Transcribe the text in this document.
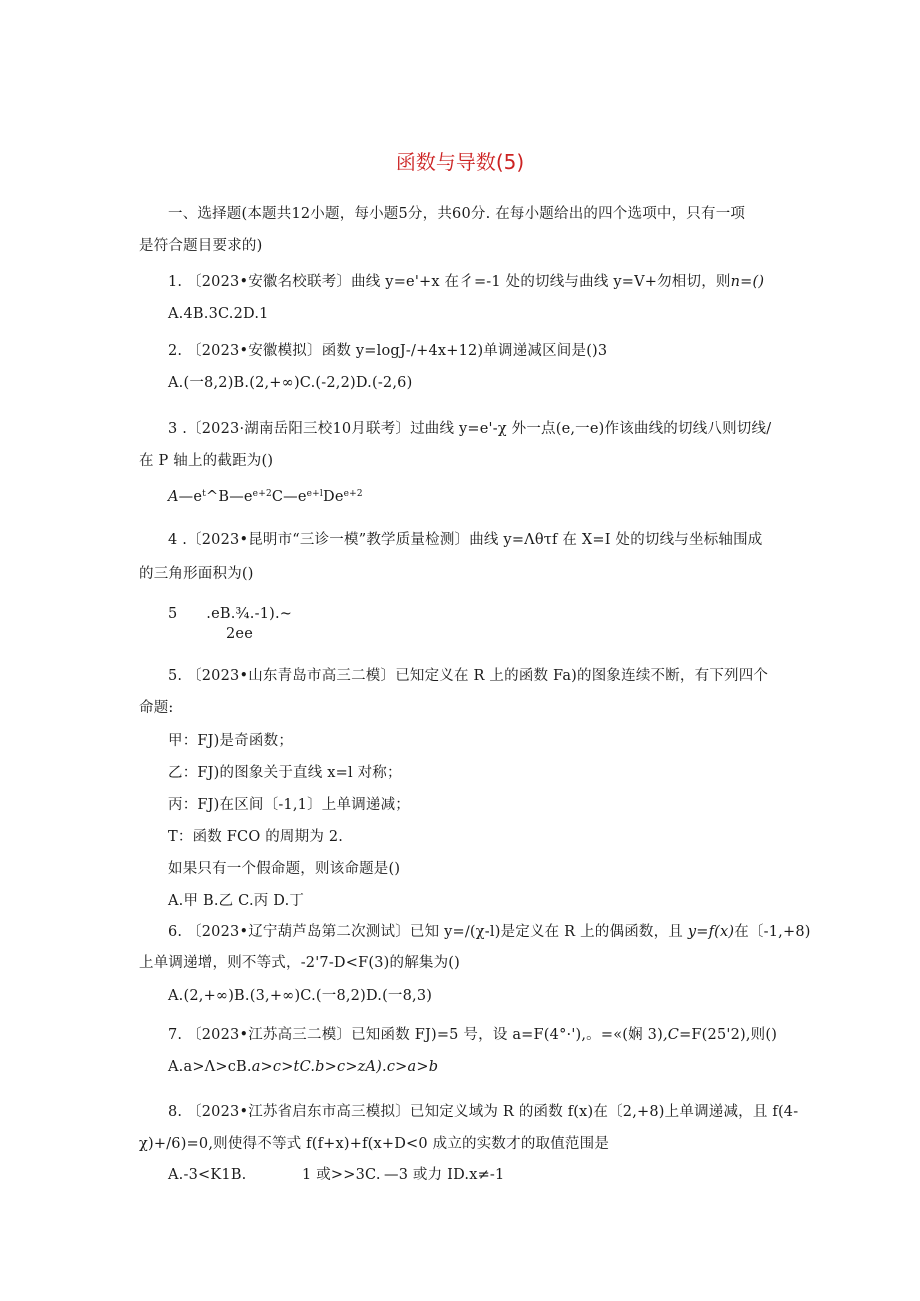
函数与导数(5)
一、选择题(本题共12小题，每小题5分，共60分. 在每小题给出的四个选项中，只有一项
是符合题目要求的)
1. 〔2023•安徽名校联考〕曲线 y=e'+x 在彳=-1 处的切线与曲线 y=V+勿相切，则n=()
A.4B.3C.2D.1
2. 〔2023•安徽模拟〕函数 y=logJ-/+4x+12)单调递减区间是()3
A.(一8,2)B.(2,+∞)C.(-2,2)D.(-2,6)
3 .〔2023·湖南岳阳三校10月联考〕过曲线 y=e'-χ 外一点(e,一e)作该曲线的切线八则切线/
在 P 轴上的截距为()
$A—e^t\^{}B—e^{e+2}C—e^{e+l}De^{e+2}$
4 .〔2023•昆明市“三诊一模”教学质量检测〕曲线 y=Λθτf 在 X=I 处的切线与坐标轴围成
的三角形面积为()
5      .eB.¾.-1).~
2ee
5. 〔2023•山东青岛市高三二模〕已知定义在 R 上的函数 Fa)的图象连续不断，有下列四个
命题:
甲：FJ)是奇函数；
乙：FJ)的图象关于直线 x=l 对称；
丙：FJ)在区间〔-1,1〕上单调递减；
T：函数 FCO 的周期为 2.
如果只有一个假命题，则该命题是()
A.甲 B.乙 C.丙 D.丁
6. 〔2023•辽宁葫芦岛第二次测试〕已知 y=∕(χ-l)是定义在 R 上的偶函数，且 y=f(x)在〔-1,+8)
上单调递增，则不等式，-2'7-D<F(3)的解集为()
A.(2,+∞)B.(3,+∞)C.(一8,2)D.(一8,3)
7. 〔2023•江苏高三二模〕已知函数 FJ)=5 号，设 a=F(4°·'),。=«(娴 3),C=F(25'2),则()
A.a>Λ>cB.a>c>tC.b>c>zA).c>a>b
8. 〔2023•江苏省启东市高三模拟〕已知定义域为 R 的函数 f(x)在〔2,+8)上单调递减，且 f(4-
χ)+/6)=0,则使得不等式 f(f+x)+f(x+D<0 成立的实数才的取值范围是
A.-3<K1B.	1 或>>3C. —3 或力 ID.x≠-1
